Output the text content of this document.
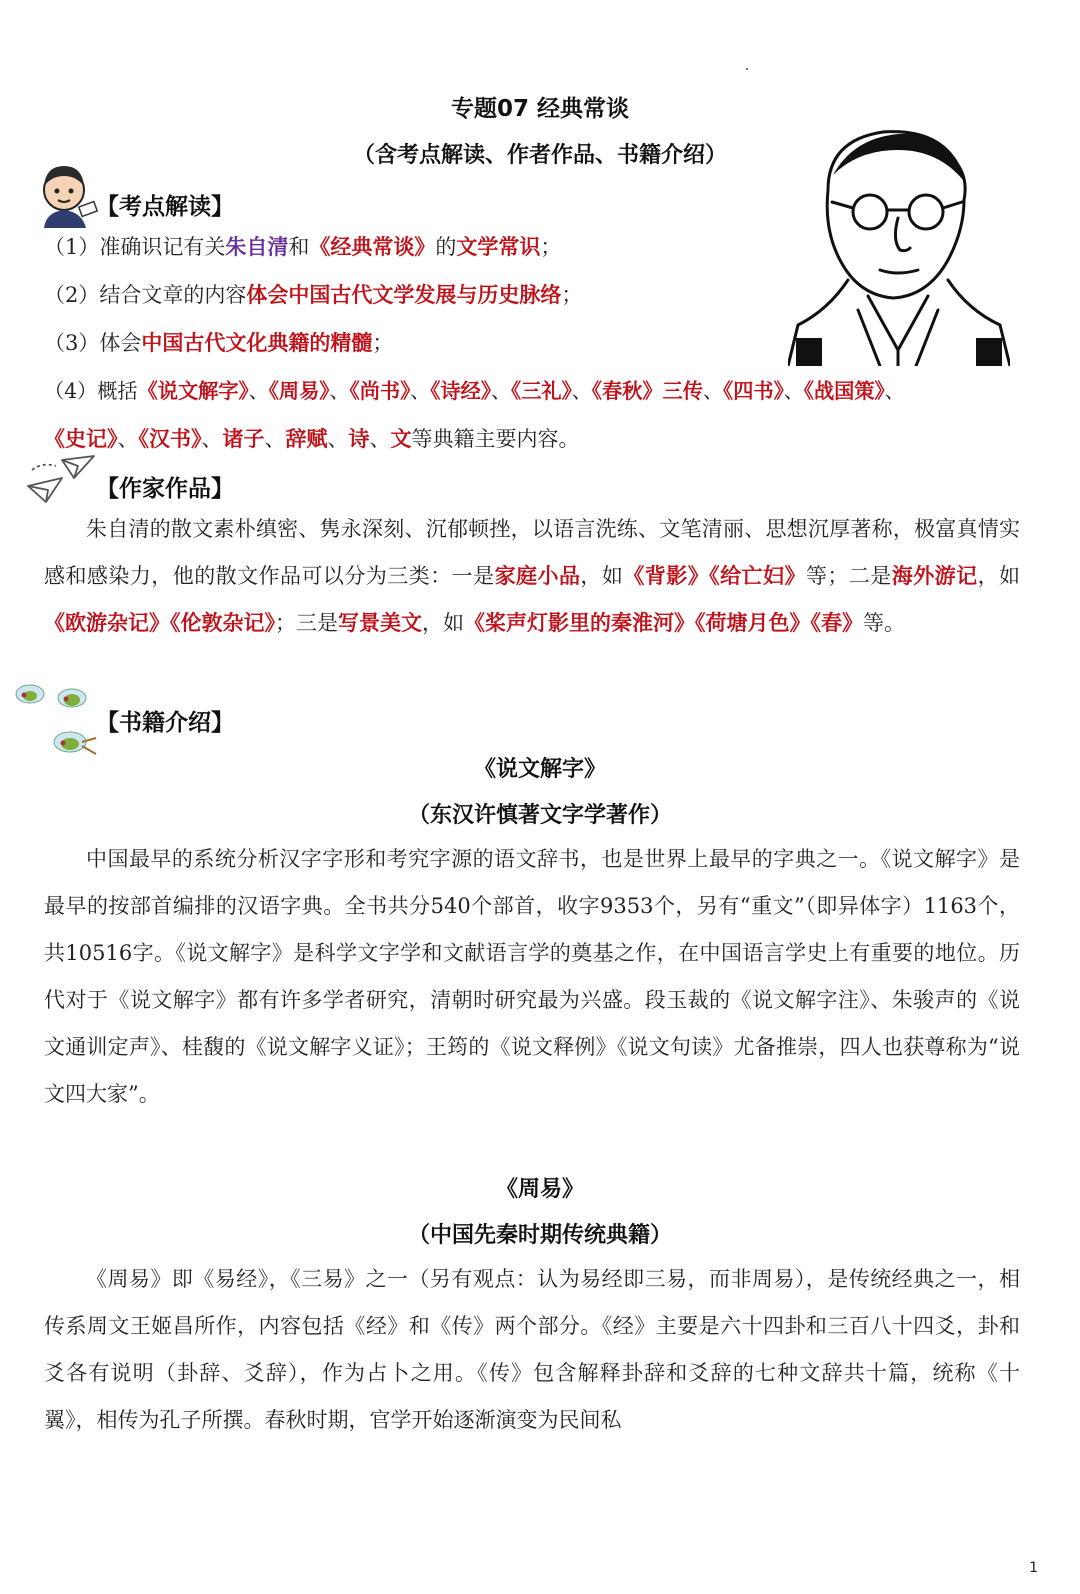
专题07 经典常谈
（含考点解读、作者作品、书籍介绍）
【考点解读】
（1）准确识记有关朱自清和《经典常谈》的文学常识；
（2）结合文章的内容体会中国古代文学发展与历史脉络；
（3）体会中国古代文化典籍的精髓；
（4）概括《说文解字》、《周易》、《尚书》、《诗经》、《三礼》、《春秋》三传、《四书》、《战国策》、
《史记》、《汉书》、诸子、辞赋、诗、文等典籍主要内容。
【作家作品】

朱自清的散文素朴缜密、隽永深刻、沉郁顿挫，以语言洗练、文笔清丽、思想沉厚著称，极富真情实感和感染力，他的散文作品可以分为三类：一是家庭小品，如《背影》《给亡妇》等；二是海外游记，如《欧游杂记》《伦敦杂记》；三是写景美文，如《桨声灯影里的秦淮河》《荷塘月色》《春》等。

【书籍介绍】
《说文解字》
（东汉许慎著文字学著作）

中国最早的系统分析汉字字形和考究字源的语文辞书，也是世界上最早的字典之一。《说文解字》是最早的按部首编排的汉语字典。全书共分540个部首，收字9353个，另有“重文”（即异体字）1163个，共10516字。《说文解字》是科学文字学和文献语言学的奠基之作，在中国语言学史上有重要的地位。历代对于《说文解字》都有许多学者研究，清朝时研究最为兴盛。段玉裁的《说文解字注》、朱骏声的《说文通训定声》、桂馥的《说文解字义证》；王筠的《说文释例》《说文句读》尤备推崇，四人也获尊称为“说文四大家”。

《周易》
（中国先秦时期传统典籍）

《周易》即《易经》，《三易》之一（另有观点：认为易经即三易，而非周易），是传统经典之一，相传系周文王姬昌所作，内容包括《经》和《传》两个部分。《经》主要是六十四卦和三百八十四爻，卦和爻各有说明（卦辞、爻辞），作为占卜之用。《传》包含解释卦辞和爻辞的七种文辞共十篇，统称《十翼》，相传为孔子所撰。春秋时期，官学开始逐渐演变为民间私

1
